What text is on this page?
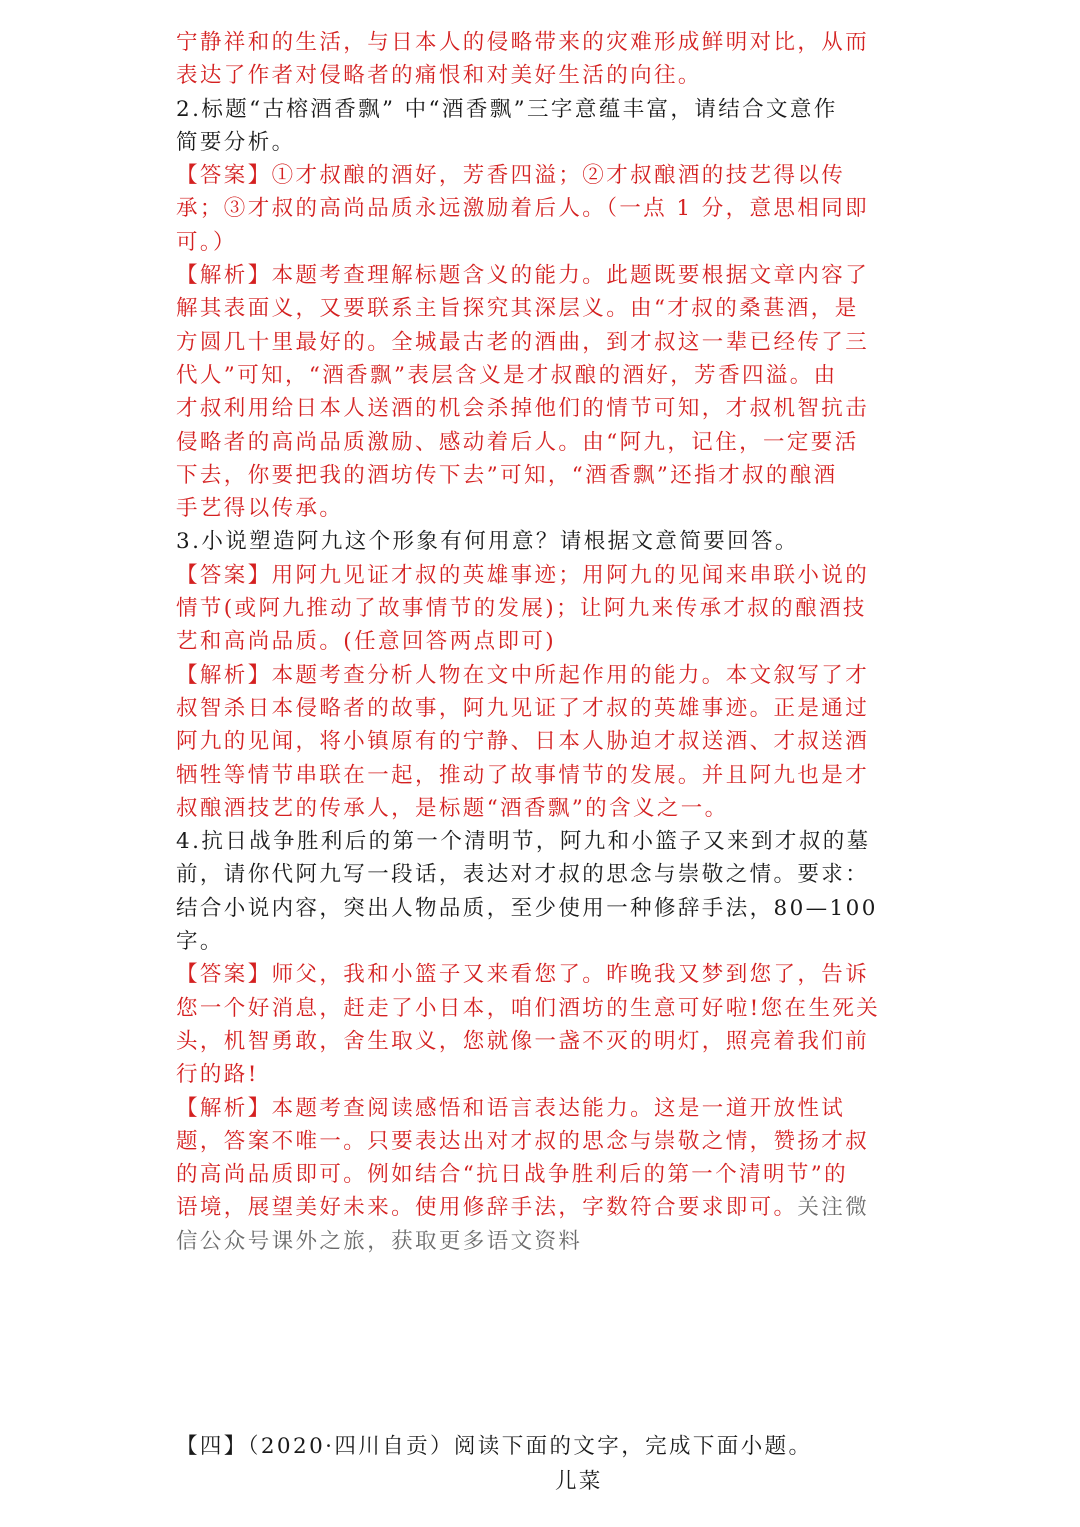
宁静祥和的生活，与日本人的侵略带来的灾难形成鲜明对比，从而
表达了作者对侵略者的痛恨和对美好生活的向往。
2.标题“古榕酒香飘” 中“酒香飘”三字意蕴丰富，请结合文意作
简要分析。
【答案】①才叔酿的酒好，芳香四溢；②才叔酿酒的技艺得以传
承；③才叔的高尚品质永远激励着后人。（一点 1 分，意思相同即
可。）
【解析】本题考查理解标题含义的能力。此题既要根据文章内容了
解其表面义，又要联系主旨探究其深层义。由“才叔的桑葚酒，是
方圆几十里最好的。全城最古老的酒曲，到才叔这一辈已经传了三
代人”可知，“酒香飘”表层含义是才叔酿的酒好，芳香四溢。由
才叔利用给日本人送酒的机会杀掉他们的情节可知，才叔机智抗击
侵略者的高尚品质激励、感动着后人。由“阿九，记住，一定要活
下去，你要把我的酒坊传下去”可知，“酒香飘”还指才叔的酿酒
手艺得以传承。
3.小说塑造阿九这个形象有何用意？请根据文意简要回答。
【答案】用阿九见证才叔的英雄事迹；用阿九的见闻来串联小说的
情节(或阿九推动了故事情节的发展)；让阿九来传承才叔的酿酒技
艺和高尚品质。(任意回答两点即可)
【解析】本题考查分析人物在文中所起作用的能力。本文叙写了才
叔智杀日本侵略者的故事，阿九见证了才叔的英雄事迹。正是通过
阿九的见闻，将小镇原有的宁静、日本人胁迫才叔送酒、才叔送酒
牺牲等情节串联在一起，推动了故事情节的发展。并且阿九也是才
叔酿酒技艺的传承人，是标题“酒香飘”的含义之一。
4.抗日战争胜利后的第一个清明节，阿九和小篮子又来到才叔的墓
前，请你代阿九写一段话，表达对才叔的思念与崇敬之情。要求：
结合小说内容，突出人物品质，至少使用一种修辞手法，80—100
字。
【答案】师父，我和小篮子又来看您了。昨晚我又梦到您了，告诉
您一个好消息，赶走了小日本，咱们酒坊的生意可好啦!您在生死关
头，机智勇敢，舍生取义，您就像一盏不灭的明灯，照亮着我们前
行的路!
【解析】本题考查阅读感悟和语言表达能力。这是一道开放性试
题，答案不唯一。只要表达出对才叔的思念与崇敬之情，赞扬才叔
的高尚品质即可。例如结合“抗日战争胜利后的第一个清明节”的
语境，展望美好未来。使用修辞手法，字数符合要求即可。关注微
信公众号课外之旅，获取更多语文资料
【四】（2020·四川自贡）阅读下面的文字，完成下面小题。
儿菜
